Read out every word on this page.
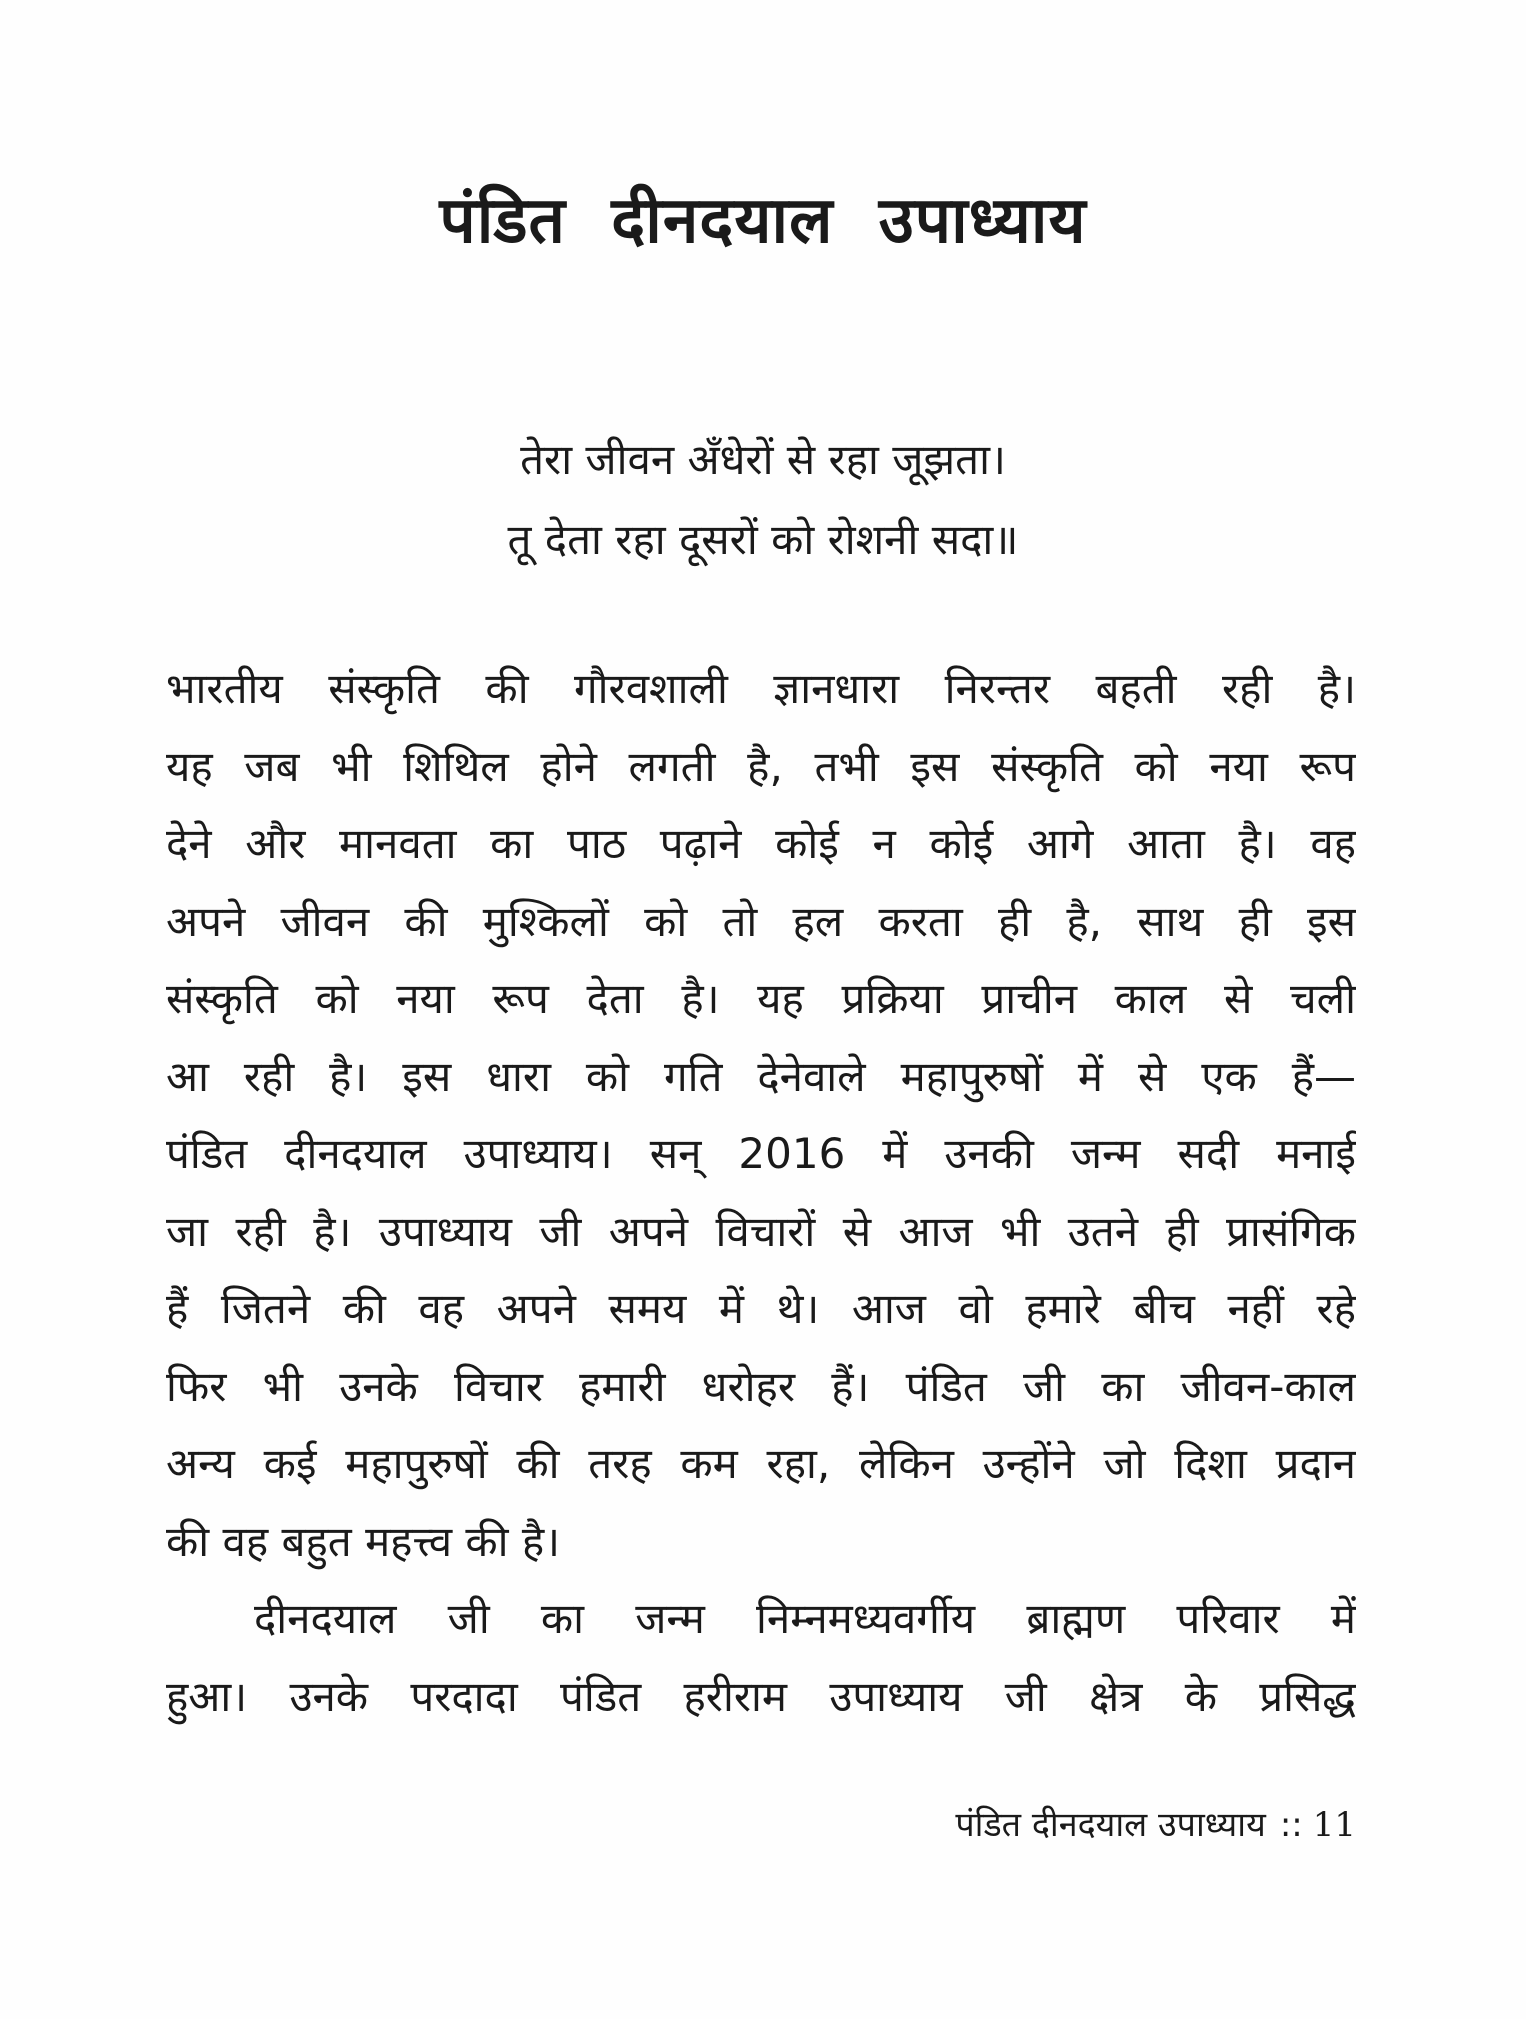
पंडित दीनदयाल उपाध्याय
तेरा जीवन अँधेरों से रहा जूझता।
तू देता रहा दूसरों को रोशनी सदा॥
भारतीय संस्कृति की गौरवशाली ज्ञानधारा निरन्तर बहती रही है।
यह जब भी शिथिल होने लगती है, तभी इस संस्कृति को नया रूप
देने और मानवता का पाठ पढ़ाने कोई न कोई आगे आता है। वह
अपने जीवन की मुश्किलों को तो हल करता ही है, साथ ही इस
संस्कृति को नया रूप देता है। यह प्रक्रिया प्राचीन काल से चली
आ रही है। इस धारा को गति देनेवाले महापुरुषों में से एक हैं—
पंडित दीनदयाल उपाध्याय। सन् 2016 में उनकी जन्म सदी मनाई
जा रही है। उपाध्याय जी अपने विचारों से आज भी उतने ही प्रासंगिक
हैं जितने की वह अपने समय में थे। आज वो हमारे बीच नहीं रहे
फिर भी उनके विचार हमारी धरोहर हैं। पंडित जी का जीवन-काल
अन्य कई महापुरुषों की तरह कम रहा, लेकिन उन्होंने जो दिशा प्रदान
की वह बहुत महत्त्व की है।
दीनदयाल जी का जन्म निम्नमध्यवर्गीय ब्राह्मण परिवार में
हुआ। उनके परदादा पंडित हरीराम उपाध्याय जी क्षेत्र के प्रसिद्ध
पंडित दीनदयाल उपाध्याय :: 11
